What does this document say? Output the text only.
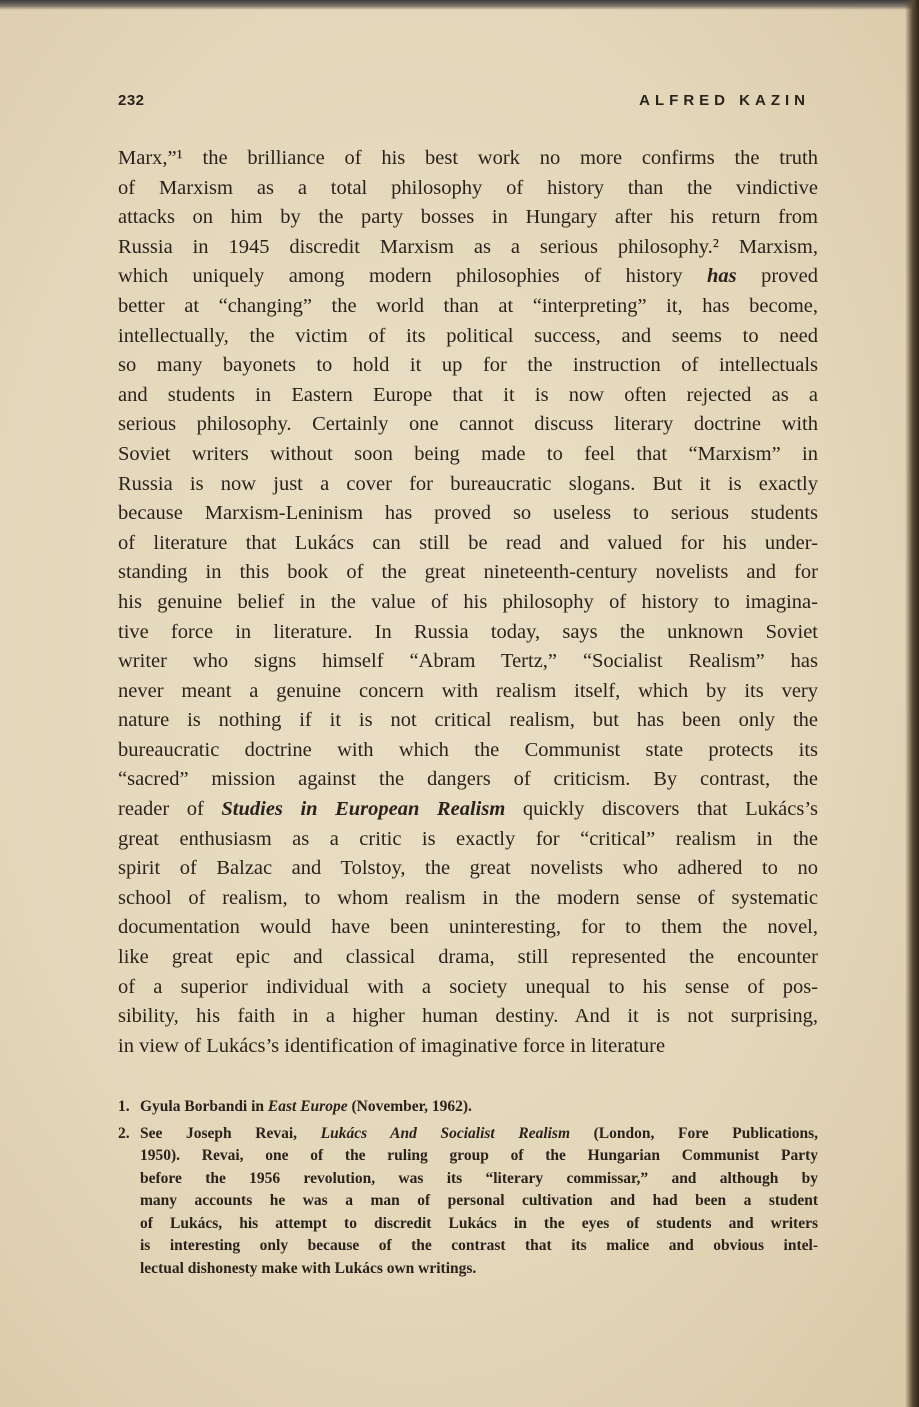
232	ALFRED KAZIN
Marx,”¹ the brilliance of his best work no more confirms the truth
of Marxism as a total philosophy of history than the vindictive
attacks on him by the party bosses in Hungary after his return from
Russia in 1945 discredit Marxism as a serious philosophy.² Marxism,
which uniquely among modern philosophies of history has proved
better at “changing” the world than at “interpreting” it, has become,
intellectually, the victim of its political success, and seems to need
so many bayonets to hold it up for the instruction of intellectuals
and students in Eastern Europe that it is now often rejected as a
serious philosophy. Certainly one cannot discuss literary doctrine with
Soviet writers without soon being made to feel that “Marxism” in
Russia is now just a cover for bureaucratic slogans. But it is exactly
because Marxism-Leninism has proved so useless to serious students
of literature that Lukács can still be read and valued for his under-
standing in this book of the great nineteenth-century novelists and for
his genuine belief in the value of his philosophy of history to imagina-
tive force in literature. In Russia today, says the unknown Soviet
writer who signs himself “Abram Tertz,” “Socialist Realism” has
never meant a genuine concern with realism itself, which by its very
nature is nothing if it is not critical realism, but has been only the
bureaucratic doctrine with which the Communist state protects its
“sacred” mission against the dangers of criticism. By contrast, the
reader of Studies in European Realism quickly discovers that Lukács’s
great enthusiasm as a critic is exactly for “critical” realism in the
spirit of Balzac and Tolstoy, the great novelists who adhered to no
school of realism, to whom realism in the modern sense of systematic
documentation would have been uninteresting, for to them the novel,
like great epic and classical drama, still represented the encounter
of a superior individual with a society unequal to his sense of pos-
sibility, his faith in a higher human destiny. And it is not surprising,
in view of Lukács’s identification of imaginative force in literature
1. Gyula Borbandi in East Europe (November, 1962).
2. See Joseph Revai, Lukács And Socialist Realism (London, Fore Publications,
1950). Revai, one of the ruling group of the Hungarian Communist Party
before the 1956 revolution, was its “literary commissar,” and although by
many accounts he was a man of personal cultivation and had been a student
of Lukács, his attempt to discredit Lukács in the eyes of students and writers
is interesting only because of the contrast that its malice and obvious intel-
lectual dishonesty make with Lukács own writings.
